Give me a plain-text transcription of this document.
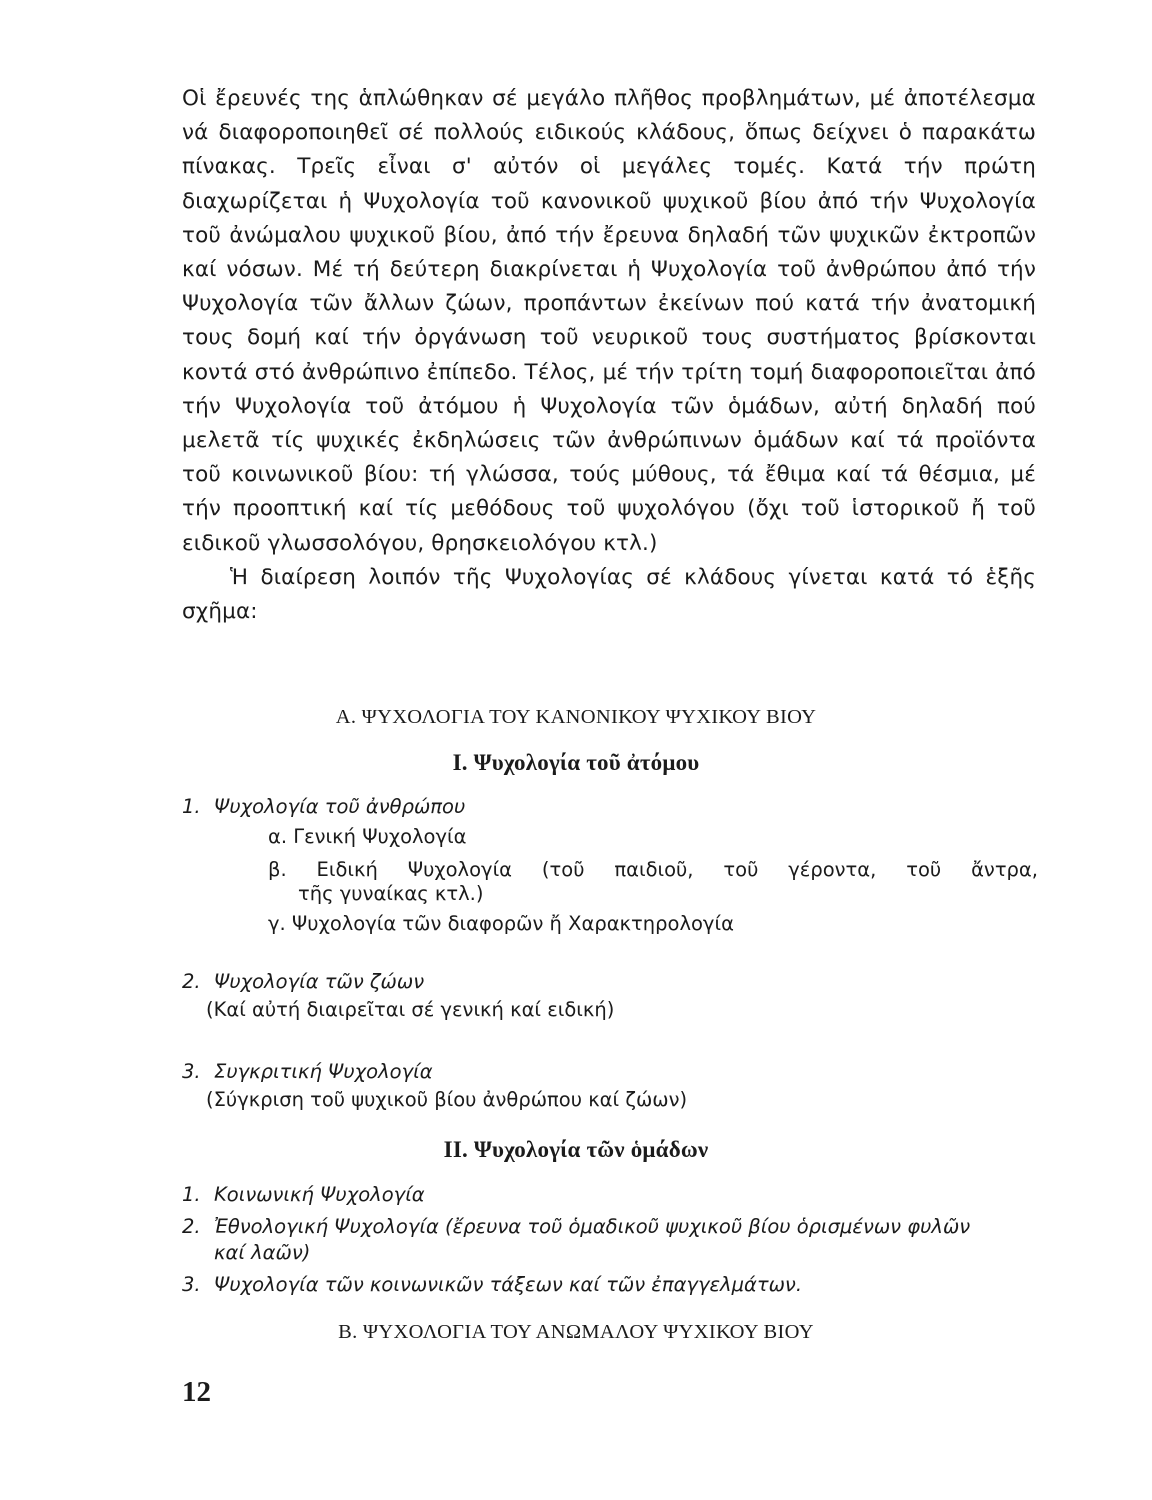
Οἱ ἔρευνές της ἁπλώθηκαν σέ μεγάλο πλῆθος προβλημάτων, μέ ἀποτέλεσμα νά διαφοροποιηθεῖ σέ πολλούς ειδικούς κλάδους, ὅπως δείχνει ὁ παρακάτω πίνακας. Τρεῖς εἶναι σ' αὐτόν οἱ μεγάλες τομές. Κατά τήν πρώτη διαχωρίζεται ἡ Ψυχολογία τοῦ κανονικοῦ ψυχικοῦ βίου ἀπό τήν Ψυχολογία τοῦ ἀνώμαλου ψυχικοῦ βίου, ἀπό τήν ἔρευνα δηλαδή τῶν ψυχικῶν ἐκτροπῶν καί νόσων. Μέ τή δεύτερη διακρίνεται ἡ Ψυχολογία τοῦ ἀνθρώπου ἀπό τήν Ψυχολογία τῶν ἄλλων ζώων, προπάντων ἐκείνων πού κατά τήν ἀνατομική τους δομή καί τήν ὀργάνωση τοῦ νευρικοῦ τους συστήματος βρίσκονται κοντά στό ἀνθρώπινο ἐπίπεδο. Τέλος, μέ τήν τρίτη τομή διαφοροποιεῖται ἀπό τήν Ψυχολογία τοῦ ἀτόμου ἡ Ψυχολογία τῶν ὁμάδων, αὐτή δηλαδή πού μελετᾶ τίς ψυχικές ἐκδηλώσεις τῶν ἀνθρώπινων ὁμάδων καί τά προϊόντα τοῦ κοινωνικοῦ βίου: τή γλώσσα, τούς μύθους, τά ἔθιμα καί τά θέσμια, μέ τήν προοπτική καί τίς μεθόδους τοῦ ψυχολόγου (ὄχι τοῦ ἱστορικοῦ ἤ τοῦ ειδικοῦ γλωσσολόγου, θρησκειολόγου κτλ.)

Ἡ διαίρεση λοιπόν τῆς Ψυχολογίας σέ κλάδους γίνεται κατά τό ἑξῆς σχῆμα:

Α. ΨΥΧΟΛΟΓΙΑ ΤΟΥ ΚΑΝΟΝΙΚΟΥ ΨΥΧΙΚΟΥ ΒΙΟΥ
Ι. Ψυχολογία τοῦ ἀτόμου
1. Ψυχολογία τοῦ ἀνθρώπου
α. Γενική Ψυχολογία
β. Ειδική Ψυχολογία (τοῦ παιδιοῦ, τοῦ γέροντα, τοῦ ἄντρα,
τῆς γυναίκας κτλ.)
γ. Ψυχολογία τῶν διαφορῶν ἤ Χαρακτηρολογία
2. Ψυχολογία τῶν ζώων
(Καί αὐτή διαιρεῖται σέ γενική καί ειδική)
3. Συγκριτική Ψυχολογία
(Σύγκριση τοῦ ψυχικοῦ βίου ἀνθρώπου καί ζώων)
ΙΙ. Ψυχολογία τῶν ὁμάδων
1. Κοινωνική Ψυχολογία
2. Ἐθνολογική Ψυχολογία (ἔρευνα τοῦ ὁμαδικοῦ ψυχικοῦ βίου ὁρισμένων φυλῶν
καί λαῶν)
3. Ψυχολογία τῶν κοινωνικῶν τάξεων καί τῶν ἐπαγγελμάτων.
Β. ΨΥΧΟΛΟΓΙΑ ΤΟΥ ΑΝΩΜΑΛΟΥ ΨΥΧΙΚΟΥ ΒΙΟΥ
12
